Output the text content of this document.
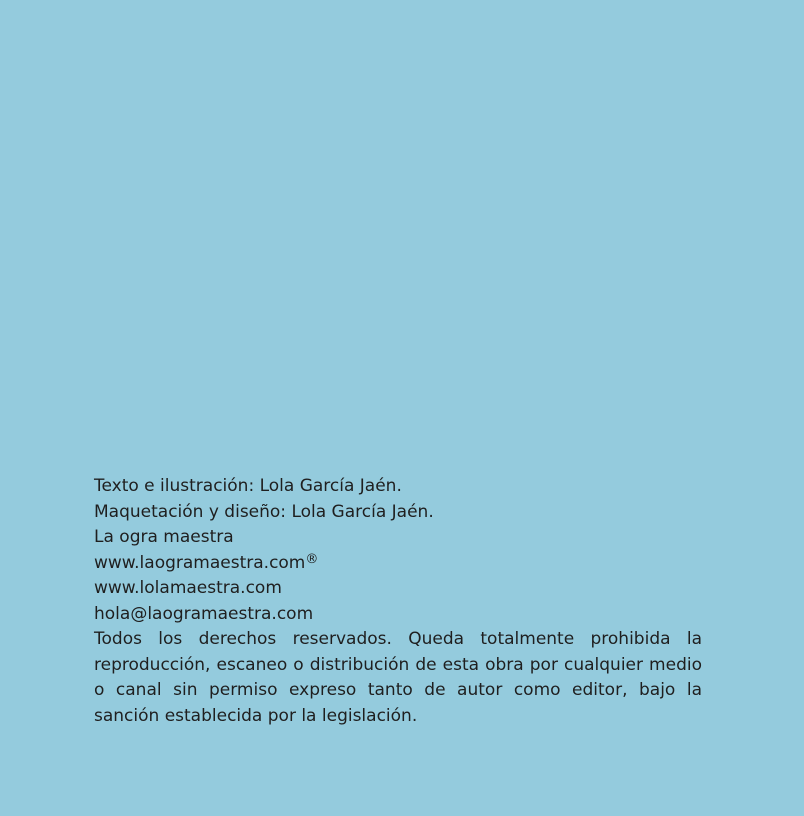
Texto e ilustración: Lola García Jaén.
Maquetación y diseño: Lola García Jaén.
La ogra maestra
www.laogramaestra.com®
www.lolamaestra.com
hola@laogramaestra.com
Todos los derechos reservados. Queda totalmente prohibida la reproducción, escaneo o distribución de esta obra por cualquier medio o canal sin permiso expreso tanto de autor como editor, bajo la sanción establecida por la legislación.
